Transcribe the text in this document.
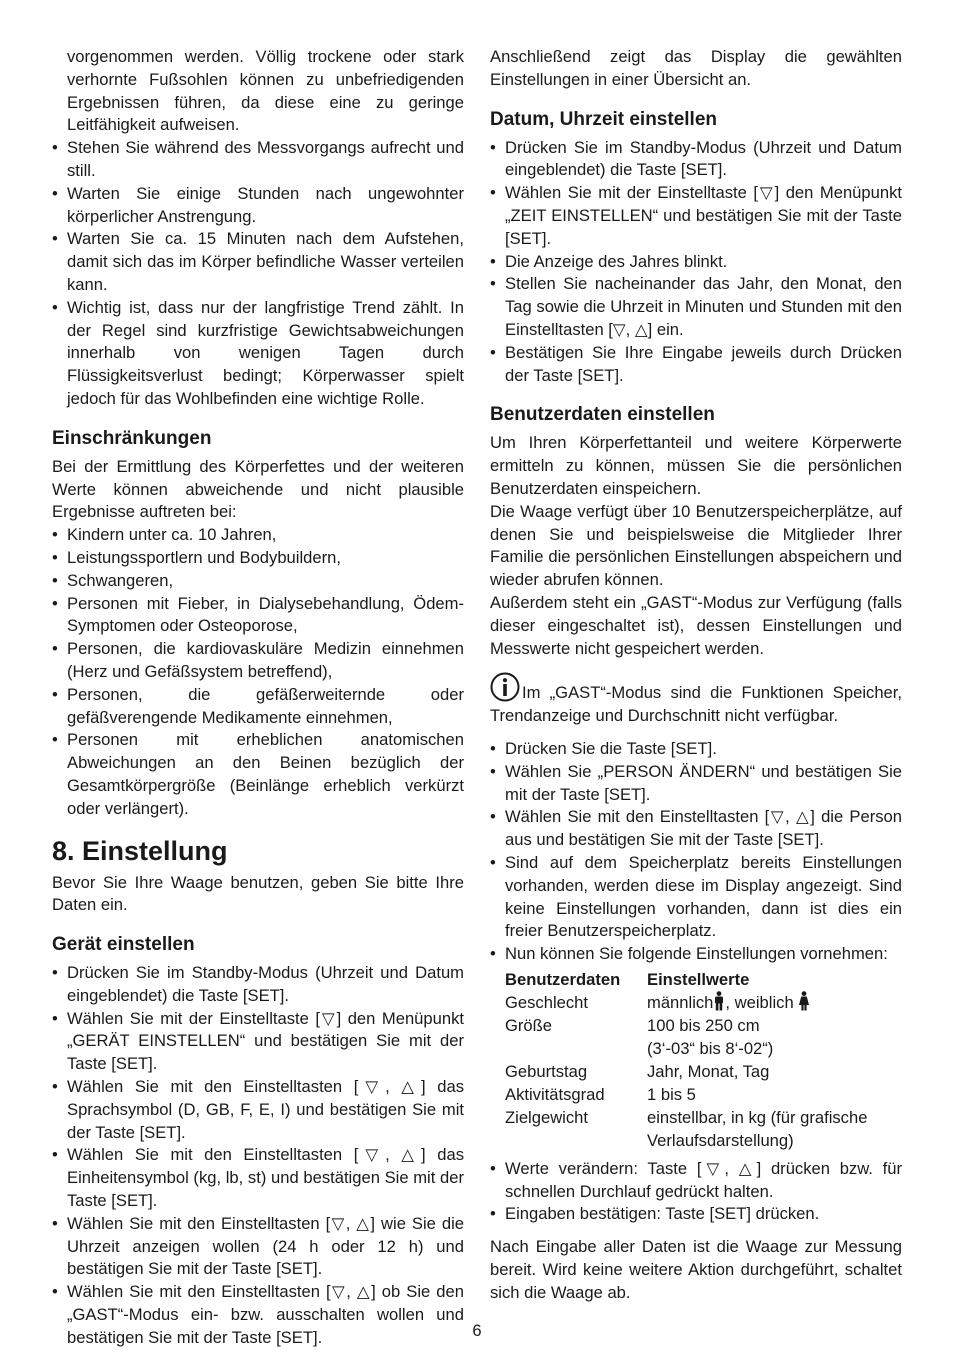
vorgenommen werden. Völlig trockene oder stark verhornte Fußsohlen können zu unbefriedigenden Ergebnissen führen, da diese eine zu geringe Leitfähigkeit aufweisen.

• Stehen Sie während des Messvorgangs aufrecht und still.
• Warten Sie einige Stunden nach ungewohnter körperlicher Anstrengung.
• Warten Sie ca. 15 Minuten nach dem Aufstehen, damit sich das im Körper befindliche Wasser verteilen kann.
• Wichtig ist, dass nur der langfristige Trend zählt. In der Regel sind kurzfristige Gewichtsabweichungen innerhalb von wenigen Tagen durch Flüssigkeitsverlust bedingt; Körperwasser spielt jedoch für das Wohlbefinden eine wichtige Rolle.
Einschränkungen

Bei der Ermittlung des Körperfettes und der weiteren Werte können abweichende und nicht plausible Ergebnisse auftreten bei:

• Kindern unter ca. 10 Jahren,
• Leistungssportlern und Bodybuildern,
• Schwangeren,
• Personen mit Fieber, in Dialysebehandlung, Ödem-Symptomen oder Osteoporose,
• Personen, die kardiovaskuläre Medizin einnehmen (Herz und Gefäßsystem betreffend),
• Personen, die gefäßerweiternde oder gefäßverengende Medikamente einnehmen,
• Personen mit erheblichen anatomischen Abweichungen an den Beinen bezüglich der Gesamtkörpergröße (Beinlänge erheblich verkürzt oder verlängert).
8. Einstellung

Bevor Sie Ihre Waage benutzen, geben Sie bitte Ihre Daten ein.

Gerät einstellen
• Drücken Sie im Standby-Modus (Uhrzeit und Datum eingeblendet) die Taste [SET].
• Wählen Sie mit der Einstelltaste [▽] den Menüpunkt „GERÄT EINSTELLEN“ und bestätigen Sie mit der Taste [SET].
• Wählen Sie mit den Einstelltasten [▽, △] das Sprachsymbol (D, GB, F, E, I) und bestätigen Sie mit der Taste [SET].
• Wählen Sie mit den Einstelltasten [▽, △] das Einheitensymbol (kg, lb, st) und bestätigen Sie mit der Taste [SET].
• Wählen Sie mit den Einstelltasten [▽, △] wie Sie die Uhrzeit anzeigen wollen (24 h oder 12 h) und bestätigen Sie mit der Taste [SET].
• Wählen Sie mit den Einstelltasten [▽, △] ob Sie den „GAST“-Modus ein- bzw. ausschalten wollen und bestätigen Sie mit der Taste [SET].

Anschließend zeigt das Display die gewählten Einstellungen in einer Übersicht an.

Datum, Uhrzeit einstellen
• Drücken Sie im Standby-Modus (Uhrzeit und Datum eingeblendet) die Taste [SET].
• Wählen Sie mit der Einstelltaste [▽] den Menüpunkt „ZEIT EINSTELLEN“ und bestätigen Sie mit der Taste [SET].
• Die Anzeige des Jahres blinkt.
• Stellen Sie nacheinander das Jahr, den Monat, den Tag sowie die Uhrzeit in Minuten und Stunden mit den Einstelltasten [▽, △] ein.
• Bestätigen Sie Ihre Eingabe jeweils durch Drücken der Taste [SET].
Benutzerdaten einstellen

Um Ihren Körperfettanteil und weitere Körperwerte ermitteln zu können, müssen Sie die persönlichen Benutzerdaten einspeichern.

Die Waage verfügt über 10 Benutzerspeicherplätze, auf denen Sie und beispielsweise die Mitglieder Ihrer Familie die persönlichen Einstellungen abspeichern und wieder abrufen können.

Außerdem steht ein „GAST“-Modus zur Verfügung (falls dieser eingeschaltet ist), dessen Einstellungen und Messwerte nicht gespeichert werden.

Im „GAST“-Modus sind die Funktionen Speicher, Trendanzeige und Durchschnitt nicht verfügbar.

• Drücken Sie die Taste [SET].
• Wählen Sie „PERSON ÄNDERN“ und bestätigen Sie mit der Taste [SET].
• Wählen Sie mit den Einstelltasten [▽, △] die Person aus und bestätigen Sie mit der Taste [SET].
• Sind auf dem Speicherplatz bereits Einstellungen vorhanden, werden diese im Display angezeigt. Sind keine Einstellungen vorhanden, dann ist dies ein freier Benutzerspeicherplatz.
• Nun können Sie folgende Einstellungen vornehmen:
Benutzerdaten	Einstellwerte
Geschlecht	männlich , weiblich
Größe	100 bis 250 cm
(3‘-03“ bis 8‘-02“)

Geburtstag	Jahr, Monat, Tag
Aktivitätsgrad	1 bis 5
Zielgewicht	einstellbar, in kg (für grafische Verlaufsdarstellung)
• Werte verändern: Taste [▽, △] drücken bzw. für schnellen Durchlauf gedrückt halten.
• Eingaben bestätigen: Taste [SET] drücken.

Nach Eingabe aller Daten ist die Waage zur Messung bereit. Wird keine weitere Aktion durchgeführt, schaltet sich die Waage ab.

6
